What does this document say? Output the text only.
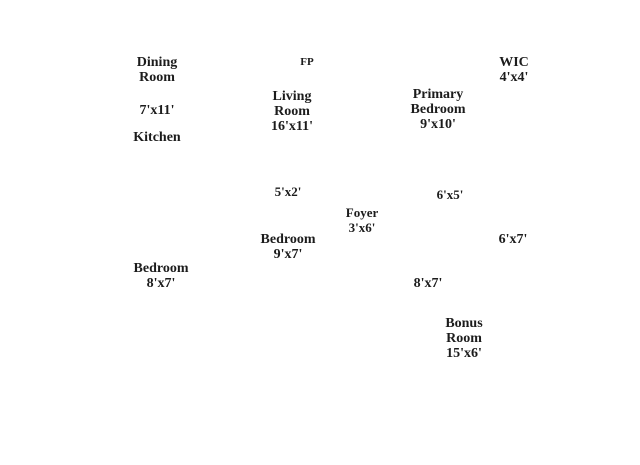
Dining Room
7'x11'
Kitchen
Living Room 16'x11'
FP
Primary Bedroom 9'x10'
WIC 4'x4'
5'x2'
Foyer 3'x6'
6'x5'
Bedroom 9'x7'
Bedroom 8'x7'	8'x7'
6'x7'
Bonus Room 15'x6'
